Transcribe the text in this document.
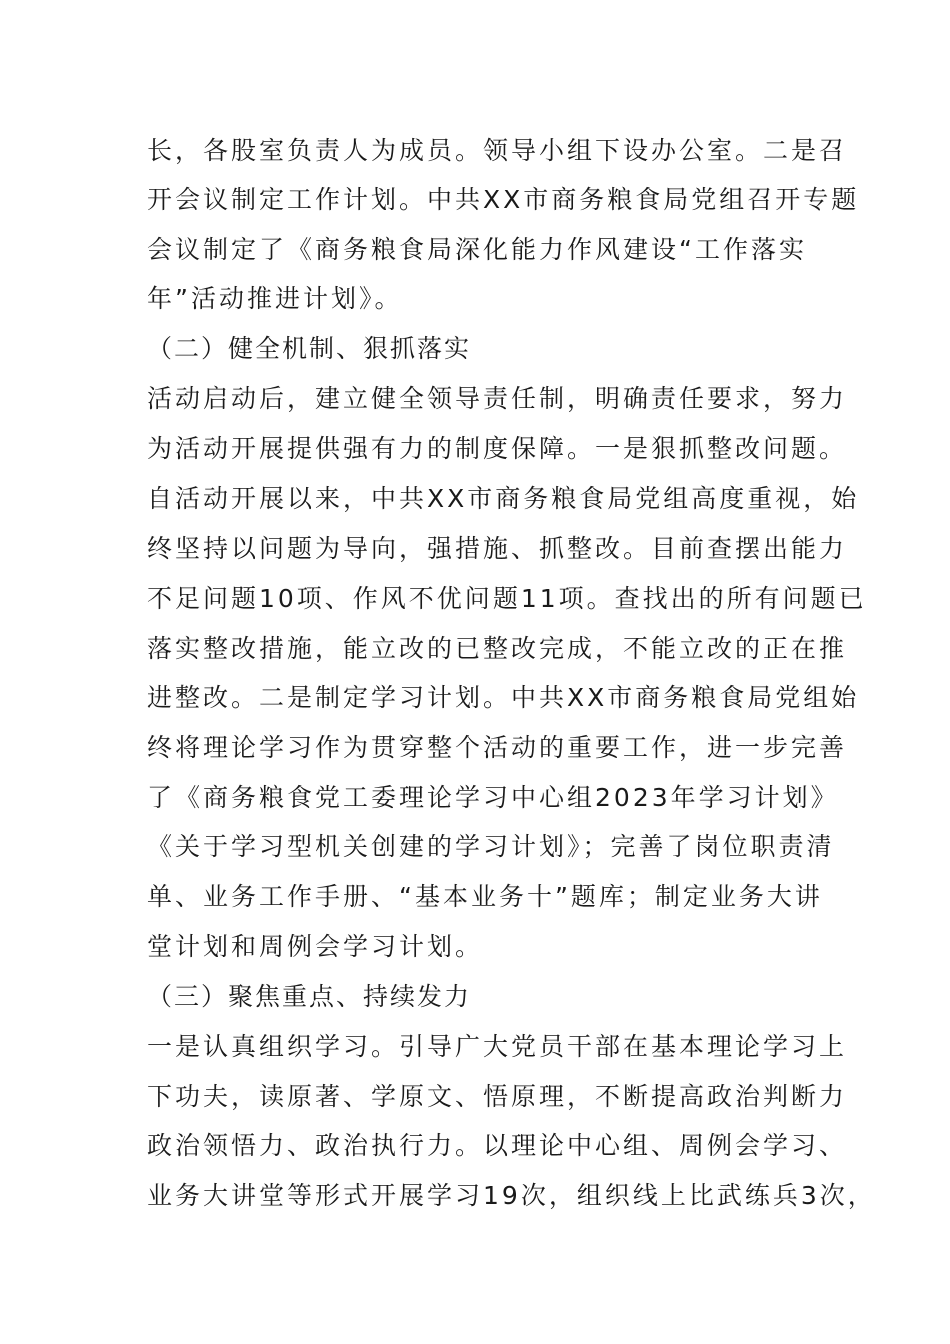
长，各股室负责人为成员。领导小组下设办公室。二是召
开会议制定工作计划。中共XX市商务粮食局党组召开专题
会议制定了《商务粮食局深化能力作风建设“工作落实
年”活动推进计划》。
（二）健全机制、狠抓落实
活动启动后，建立健全领导责任制，明确责任要求，努力
为活动开展提供强有力的制度保障。一是狠抓整改问题。
自活动开展以来，中共XX市商务粮食局党组高度重视，始
终坚持以问题为导向，强措施、抓整改。目前查摆出能力
不足问题10项、作风不优问题11项。查找出的所有问题已
落实整改措施，能立改的已整改完成，不能立改的正在推
进整改。二是制定学习计划。中共XX市商务粮食局党组始
终将理论学习作为贯穿整个活动的重要工作，进一步完善
了《商务粮食党工委理论学习中心组2023年学习计划》
《关于学习型机关创建的学习计划》；完善了岗位职责清
单、业务工作手册、“基本业务十”题库；制定业务大讲
堂计划和周例会学习计划。
（三）聚焦重点、持续发力
一是认真组织学习。引导广大党员干部在基本理论学习上
下功夫，读原著、学原文、悟原理，不断提高政治判断力
政治领悟力、政治执行力。以理论中心组、周例会学习、
业务大讲堂等形式开展学习19次，组织线上比武练兵3次，
